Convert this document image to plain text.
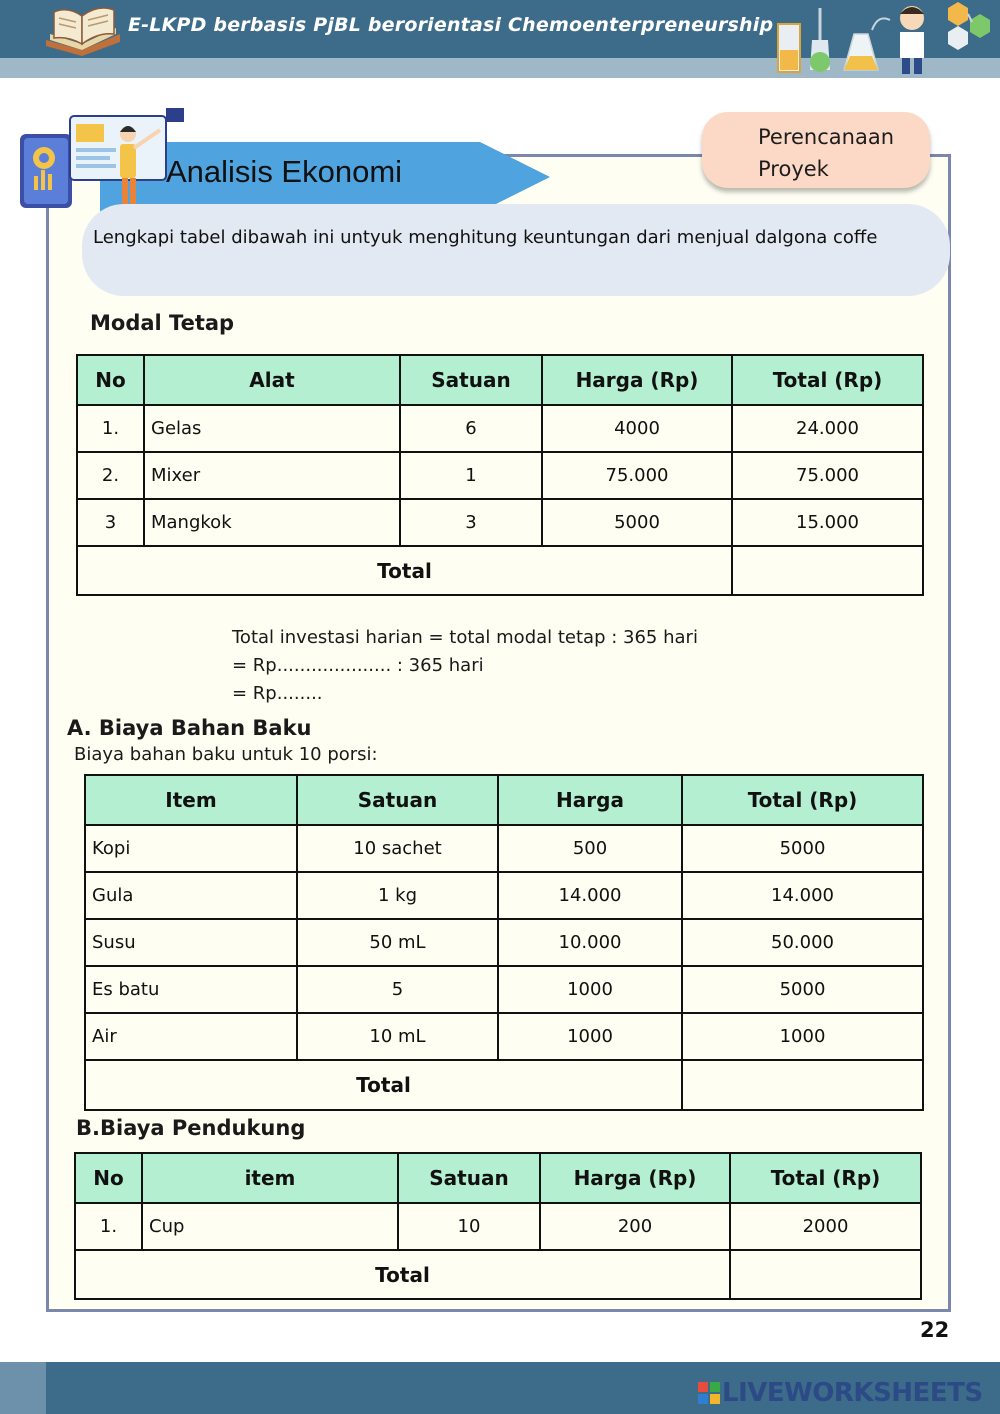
E-LKPD berbasis PjBL berorientasi Chemoenterpreneurship
Analisis Ekonomi
Perencanaan
Proyek
Lengkapi tabel dibawah ini untyuk menghitung keuntungan dari menjual dalgona coffe
Modal Tetap
No	Alat	Satuan	Harga (Rp)	Total (Rp)
1.	Gelas	6	4000	24.000
2.	Mixer	1	75.000	75.000
3	Mangkok	3	5000	15.000
Total				
Total investasi harian = total modal tetap : 365 hari
= Rp.................... : 365 hari
= Rp........
A. Biaya Bahan Baku
Biaya bahan baku untuk 10 porsi:
Item	Satuan	Harga	Total (Rp)
Kopi	10 sachet	500	5000
Gula	1 kg	14.000	14.000
Susu	50 mL	10.000	50.000
Es batu	5	1000	5000
Air	10 mL	1000	1000
Total			
B.Biaya Pendukung
No	item	Satuan	Harga (Rp)	Total (Rp)
1.	Cup	10	200	2000
Total				
22
LIVEWORKSHEETS
